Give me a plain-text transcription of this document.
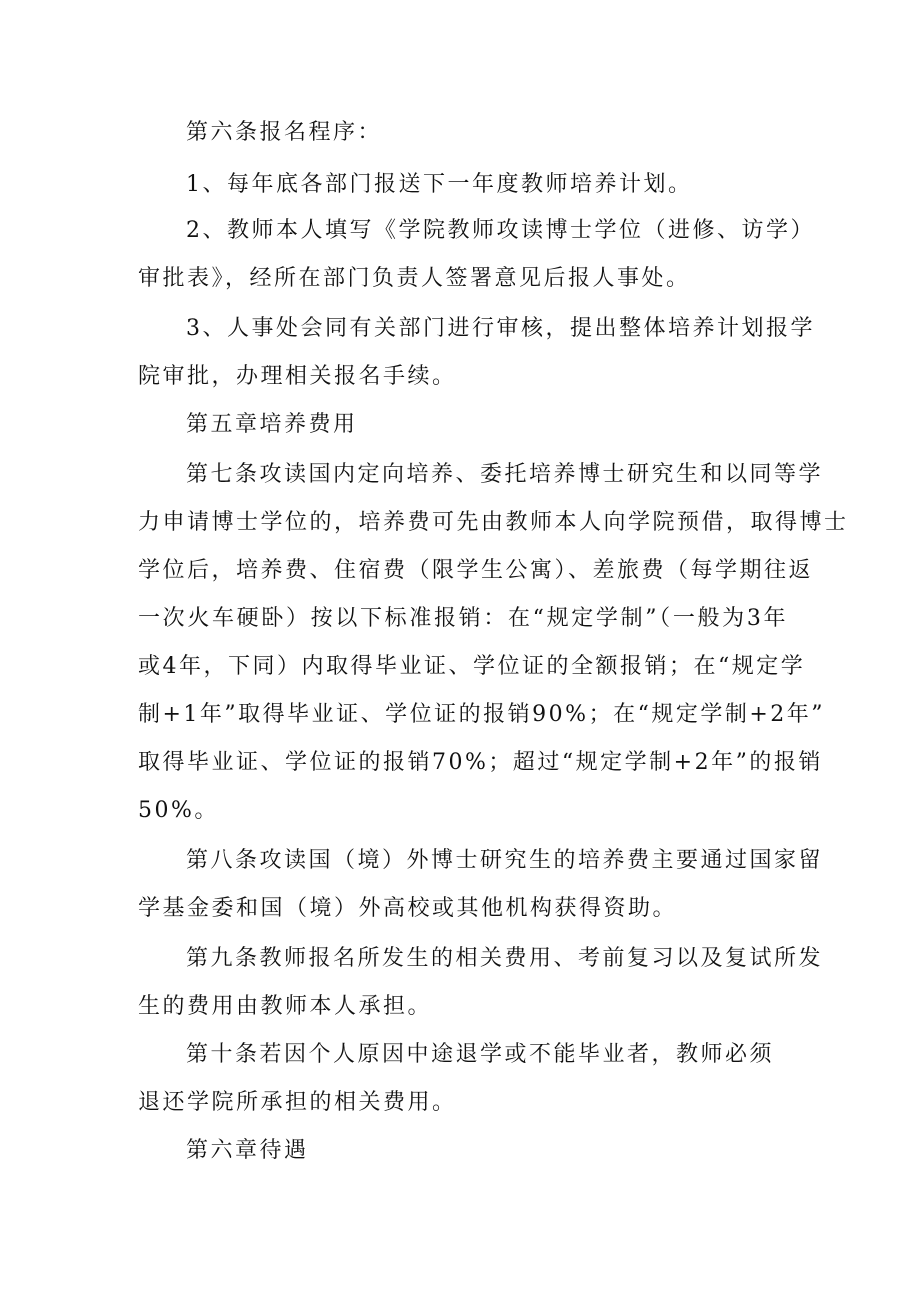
第六条报名程序：
1、每年底各部门报送下一年度教师培养计划。
2、教师本人填写《学院教师攻读博士学位（进修、访学）
审批表》，经所在部门负责人签署意见后报人事处。
3、人事处会同有关部门进行审核，提出整体培养计划报学
院审批，办理相关报名手续。
第五章培养费用
第七条攻读国内定向培养、委托培养博士研究生和以同等学
力申请博士学位的，培养费可先由教师本人向学院预借，取得博士
学位后，培养费、住宿费（限学生公寓）、差旅费（每学期往返
一次火车硬卧）按以下标准报销：在“规定学制”（一般为3年
或4年，下同）内取得毕业证、学位证的全额报销；在“规定学
制+1年”取得毕业证、学位证的报销90%；在“规定学制+2年”
取得毕业证、学位证的报销70%；超过“规定学制+2年”的报销
50%。
第八条攻读国（境）外博士研究生的培养费主要通过国家留
学基金委和国（境）外高校或其他机构获得资助。
第九条教师报名所发生的相关费用、考前复习以及复试所发
生的费用由教师本人承担。
第十条若因个人原因中途退学或不能毕业者，教师必须
退还学院所承担的相关费用。
第六章待遇
